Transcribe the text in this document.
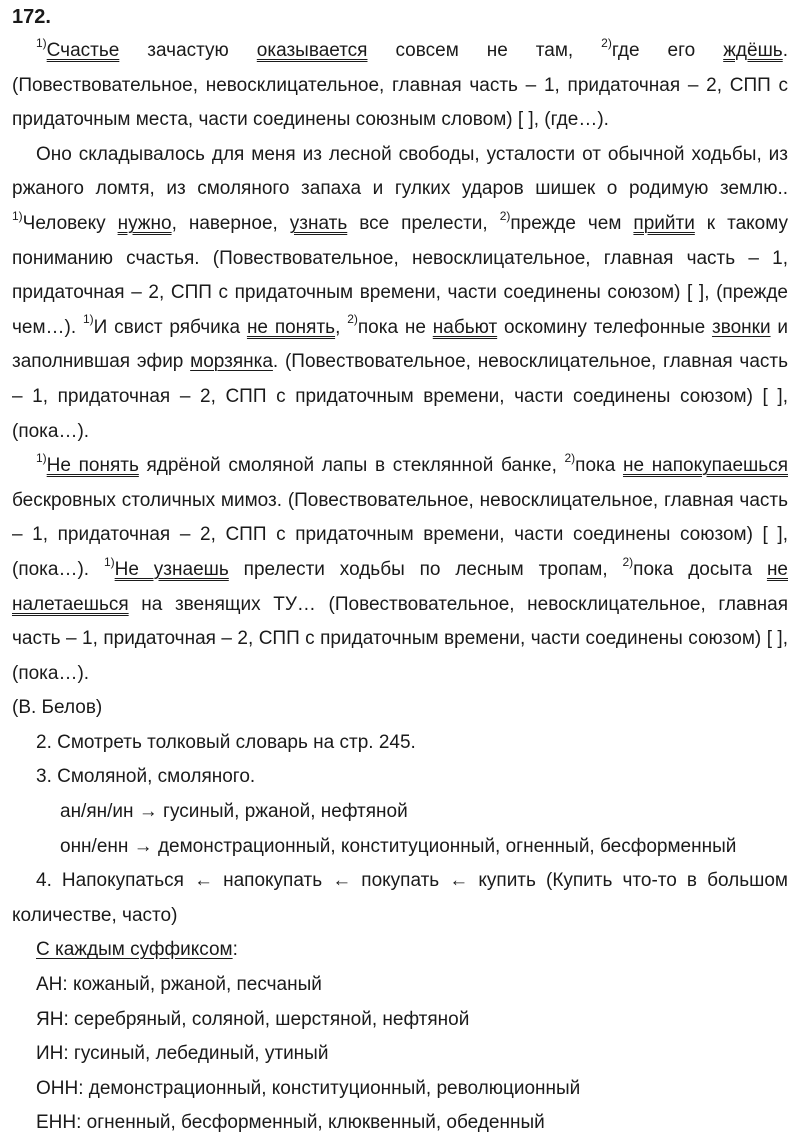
172.

$^{1)}$Счастье зачастую оказывается совсем не там, $^{2)}$где его ждёшь. (Повествовательное, невосклицательное, главная часть – 1, придаточная – 2, СПП с придаточным места, части соединены союзным словом) [ ], (где…).

Оно складывалось для меня из лесной свободы, усталости от обычной ходьбы, из ржаного ломтя, из смоляного запаха и гулких ударов шишек о родимую землю.. $^{1)}$Человеку нужно, наверное, узнать все прелести, $^{2)}$прежде чем прийти к такому пониманию счастья. (Повествовательное, невосклицательное, главная часть – 1, придаточная – 2, СПП с придаточным времени, части соединены союзом) [ ], (прежде чем…). $^{1)}$И свист рябчика не понять, $^{2)}$пока не набьют оскомину телефонные звонки и заполнившая эфир морзянка. (Повествовательное, невосклицательное, главная часть – 1, придаточная – 2, СПП с придаточным времени, части соединены союзом) [ ], (пока…).

$^{1)}$Не понять ядрёной смоляной лапы в стеклянной банке, $^{2)}$пока не напокупаешься бескровных столичных мимоз. (Повествовательное, невосклицательное, главная часть – 1, придаточная – 2, СПП с придаточным времени, части соединены союзом) [ ], (пока…). $^{1)}$Не узнаешь прелести ходьбы по лесным тропам, $^{2)}$пока досыта не налетаешься на звенящих ТУ… (Повествовательное, невосклицательное, главная часть – 1, придаточная – 2, СПП с придаточным времени, части соединены союзом) [ ], (пока…).

(В. Белов)

2. Смотреть толковый словарь на стр. 245.
3. Смоляной, смоляного.
ан/ян/ин → гусиный, ржаной, нефтяной
онн/енн → демонстрационный, конституционный, огненный, бесформенный

4. Напокупаться ← напокупать ← покупать ← купить (Купить что-то в большом количестве, часто)

С каждым суффиксом:
АН: кожаный, ржаной, песчаный
ЯН: серебряный, соляной, шерстяной, нефтяной
ИН: гусиный, лебединый, утиный
ОНН: демонстрационный, конституционный, революционный
ЕНН: огненный, бесформенный, клюквенный, обеденный
